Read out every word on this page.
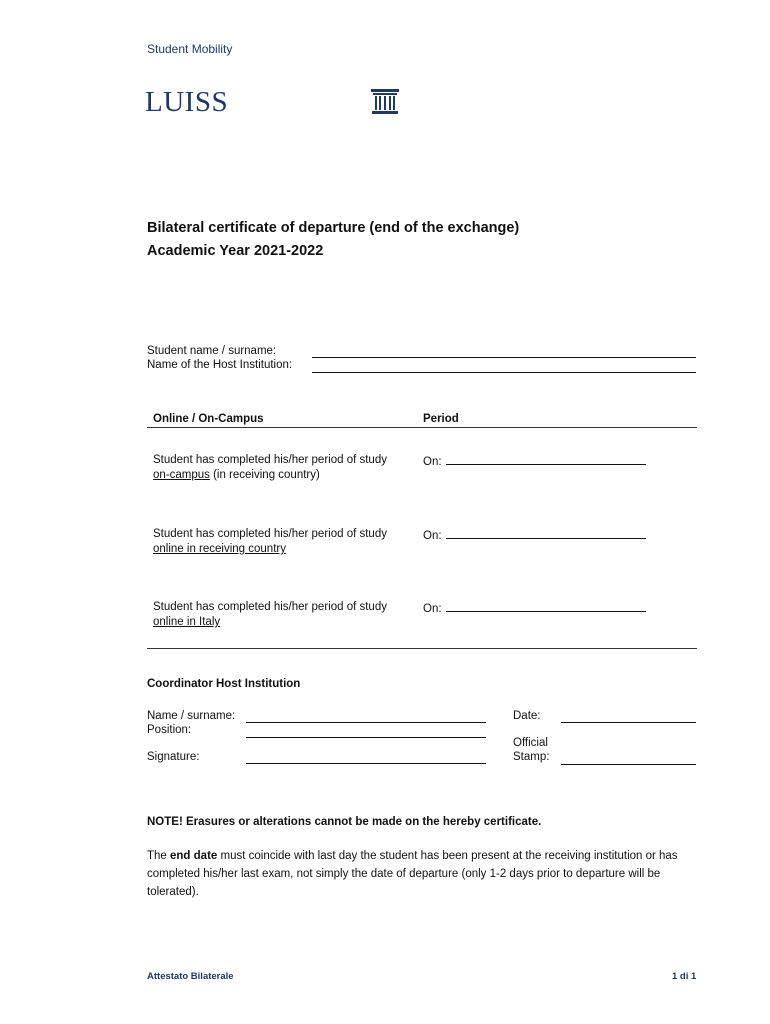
Student Mobility
LUISS
Bilateral certificate of departure (end of the exchange)
Academic Year 2021-2022
Student name / surname:
Name of the Host Institution:
Online / On-Campus	Period
Student has completed his/her period of study
on-campus (in receiving country)
On:
Student has completed his/her period of study
online in receiving country
On:
Student has completed his/her period of study
online in Italy
On:
Coordinator Host Institution
Name / surname:
Position:
Signature:
Date:
Official
Stamp:
NOTE! Erasures or alterations cannot be made on the hereby certificate.
The end date must coincide with last day the student has been present at the receiving institution or has completed his/her last exam, not simply the date of departure (only 1-2 days prior to departure will be tolerated).
Attestato Bilaterale	1 di 1
